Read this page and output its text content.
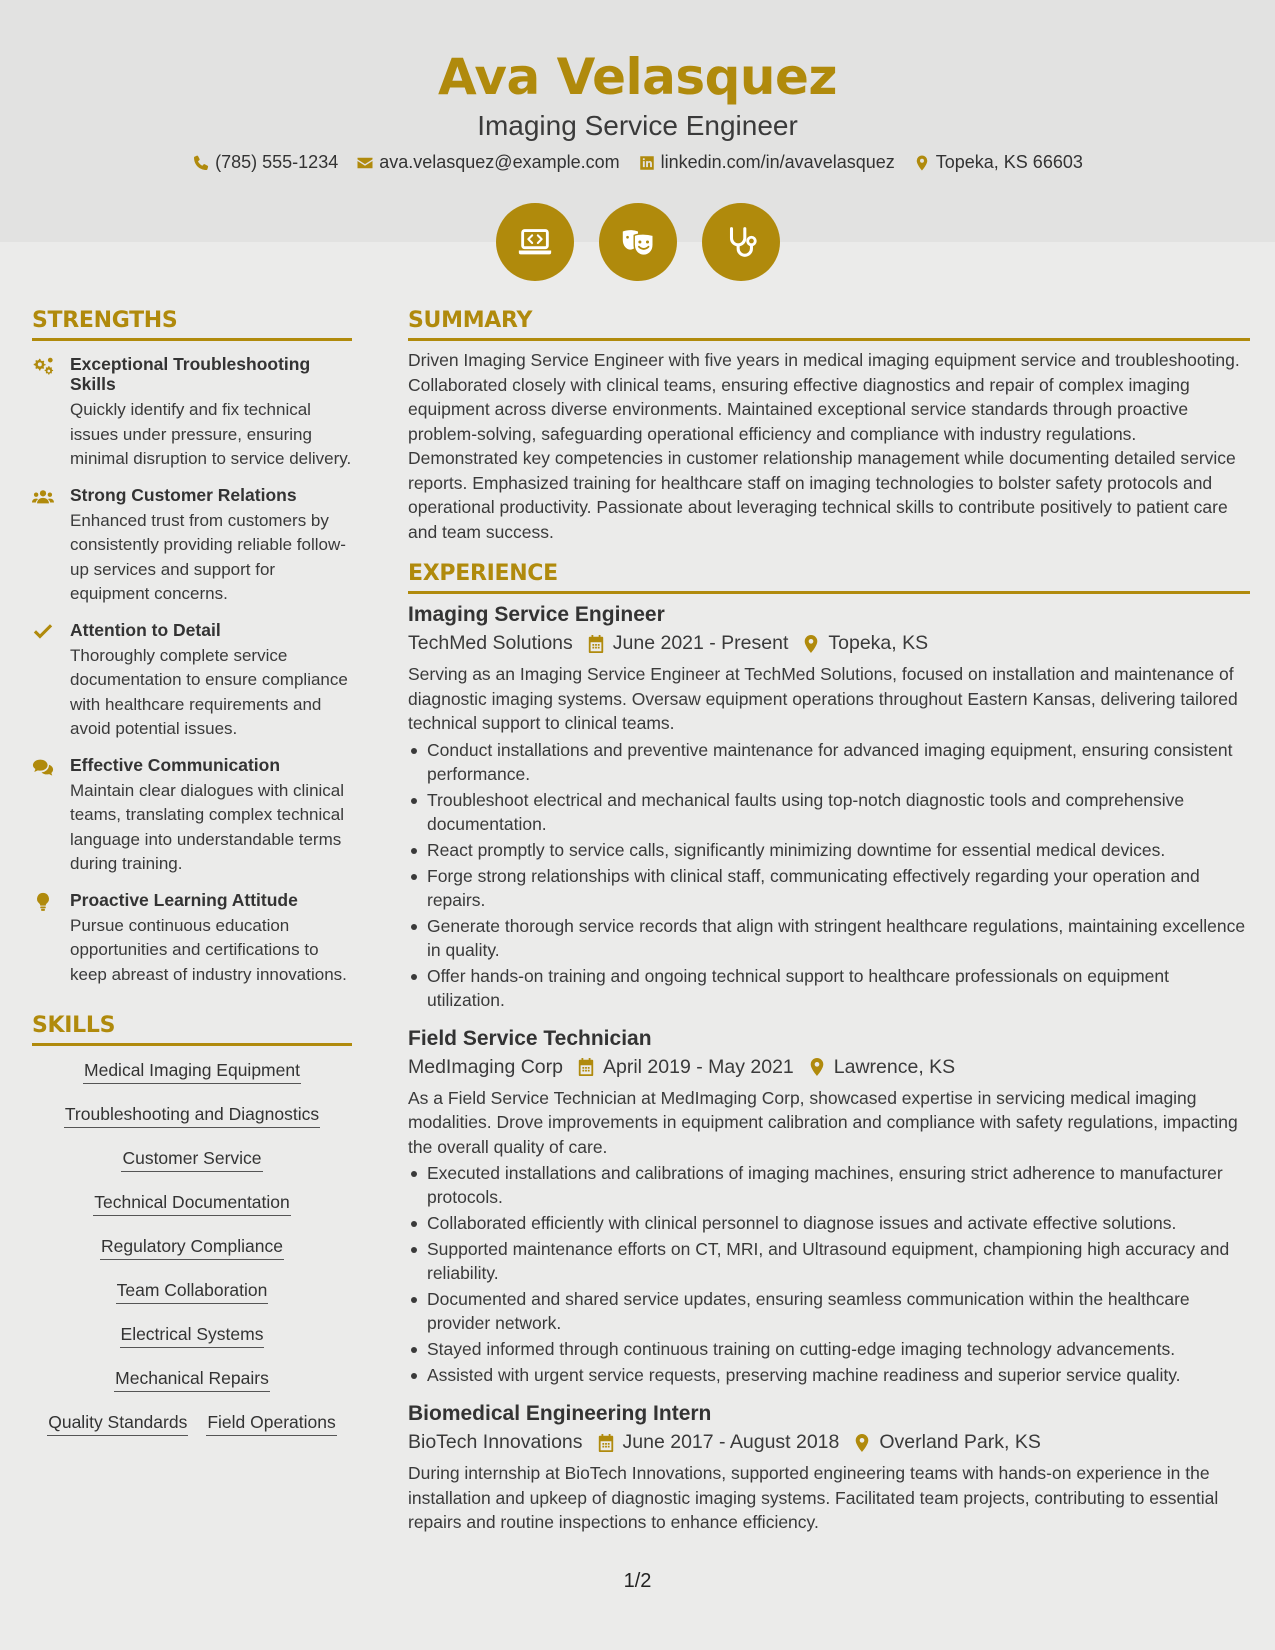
Ava Velasquez
Imaging Service Engineer
(785) 555-1234 ava.velasquez@example.com linkedin.com/in/avavelasquez Topeka, KS 66603
STRENGTHS
Exceptional Troubleshooting Skills
Quickly identify and fix technical issues under pressure, ensuring minimal disruption to service delivery.
Strong Customer Relations
Enhanced trust from customers by consistently providing reliable follow-up services and support for equipment concerns.
Attention to Detail
Thoroughly complete service documentation to ensure compliance with healthcare requirements and avoid potential issues.
Effective Communication
Maintain clear dialogues with clinical teams, translating complex technical language into understandable terms during training.
Proactive Learning Attitude
Pursue continuous education opportunities and certifications to keep abreast of industry innovations.
SKILLS
Medical Imaging Equipment
Troubleshooting and Diagnostics
Customer Service
Technical Documentation
Regulatory Compliance
Team Collaboration
Electrical Systems
Mechanical Repairs
Quality Standards Field Operations
SUMMARY
Driven Imaging Service Engineer with five years in medical imaging equipment service and troubleshooting. Collaborated closely with clinical teams, ensuring effective diagnostics and repair of complex imaging equipment across diverse environments. Maintained exceptional service standards through proactive problem-solving, safeguarding operational efficiency and compliance with industry regulations. Demonstrated key competencies in customer relationship management while documenting detailed service reports. Emphasized training for healthcare staff on imaging technologies to bolster safety protocols and operational productivity. Passionate about leveraging technical skills to contribute positively to patient care and team success.
EXPERIENCE
Imaging Service Engineer
TechMed Solutions June 2021 - Present Topeka, KS
Serving as an Imaging Service Engineer at TechMed Solutions, focused on installation and maintenance of diagnostic imaging systems. Oversaw equipment operations throughout Eastern Kansas, delivering tailored technical support to clinical teams.
Conduct installations and preventive maintenance for advanced imaging equipment, ensuring consistent performance.
Troubleshoot electrical and mechanical faults using top-notch diagnostic tools and comprehensive documentation.
React promptly to service calls, significantly minimizing downtime for essential medical devices.
Forge strong relationships with clinical staff, communicating effectively regarding your operation and repairs.
Generate thorough service records that align with stringent healthcare regulations, maintaining excellence in quality.
Offer hands-on training and ongoing technical support to healthcare professionals on equipment utilization.
Field Service Technician
MedImaging Corp April 2019 - May 2021 Lawrence, KS
As a Field Service Technician at MedImaging Corp, showcased expertise in servicing medical imaging modalities. Drove improvements in equipment calibration and compliance with safety regulations, impacting the overall quality of care.
Executed installations and calibrations of imaging machines, ensuring strict adherence to manufacturer protocols.
Collaborated efficiently with clinical personnel to diagnose issues and activate effective solutions.
Supported maintenance efforts on CT, MRI, and Ultrasound equipment, championing high accuracy and reliability.
Documented and shared service updates, ensuring seamless communication within the healthcare provider network.
Stayed informed through continuous training on cutting-edge imaging technology advancements.
Assisted with urgent service requests, preserving machine readiness and superior service quality.
Biomedical Engineering Intern
BioTech Innovations June 2017 - August 2018 Overland Park, KS
During internship at BioTech Innovations, supported engineering teams with hands-on experience in the installation and upkeep of diagnostic imaging systems. Facilitated team projects, contributing to essential repairs and routine inspections to enhance efficiency.
1/2
